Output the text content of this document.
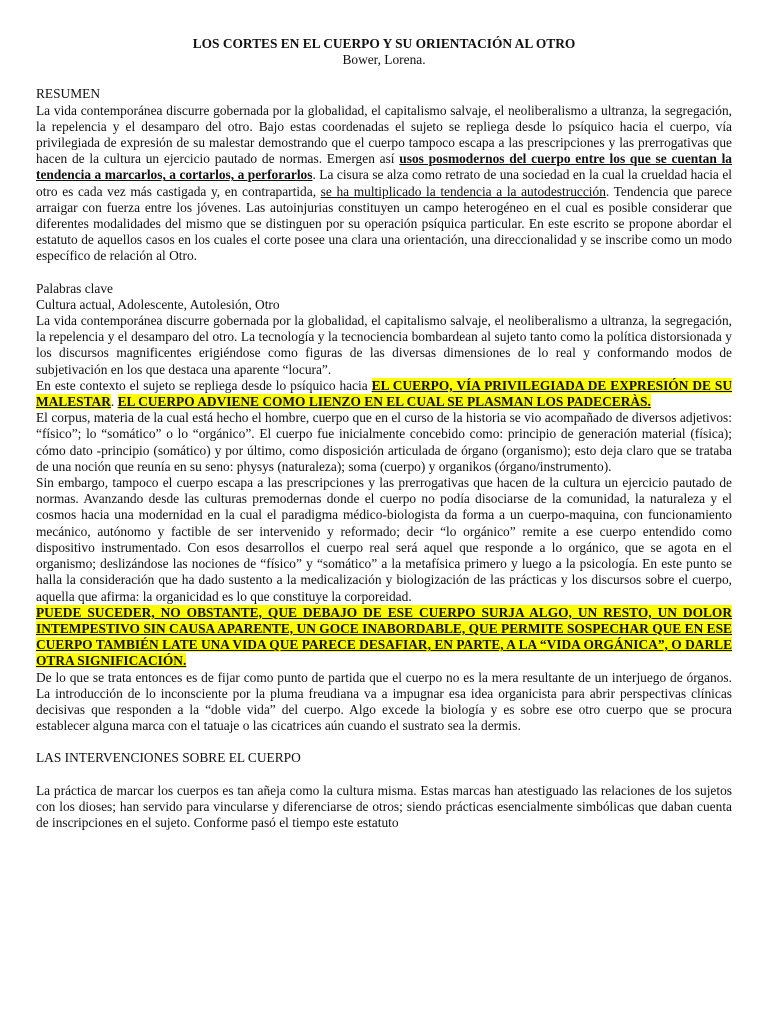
LOS CORTES EN EL CUERPO Y SU ORIENTACIÓN AL OTRO
Bower, Lorena.
RESUMEN

La vida contemporánea discurre gobernada por la globalidad, el capitalismo salvaje, el neoliberalismo a ultranza, la segregación, la repelencia y el desamparo del otro. Bajo estas coordenadas el sujeto se repliega desde lo psíquico hacia el cuerpo, vía privilegiada de expresión de su malestar demostrando que el cuerpo tampoco escapa a las prescripciones y las prerrogativas que hacen de la cultura un ejercicio pautado de normas. Emergen así usos posmodernos del cuerpo entre los que se cuentan la tendencia a marcarlos, a cortarlos, a perforarlos. La cisura se alza como retrato de una sociedad en la cual la crueldad hacia el otro es cada vez más castigada y, en contrapartida, se ha multiplicado la tendencia a la autodestrucción. Tendencia que parece arraigar con fuerza entre los jóvenes. Las autoinjurias constituyen un campo heterogéneo en el cual es posible considerar que diferentes modalidades del mismo que se distinguen por su operación psíquica particular. En este escrito se propone abordar el estatuto de aquellos casos en los cuales el corte posee una clara una orientación, una direccionalidad y se inscribe como un modo específico de relación al Otro.

Palabras clave
Cultura actual, Adolescente, Autolesión, Otro

La vida contemporánea discurre gobernada por la globalidad, el capitalismo salvaje, el neoliberalismo a ultranza, la segregación, la repelencia y el desamparo del otro. La tecnología y la tecnociencia bombardean al sujeto tanto como la política distorsionada y los discursos magnificentes erigiéndose como figuras de las diversas dimensiones de lo real y conformando modos de subjetivación en los que destaca una aparente “locura”.

En este contexto el sujeto se repliega desde lo psíquico hacia EL CUERPO, VÍA PRIVILEGIADA DE EXPRESIÓN DE SU MALESTAR. EL CUERPO ADVIENE COMO LIENZO EN EL CUAL SE PLASMAN LOS PADECERÀS.

El corpus, materia de la cual está hecho el hombre, cuerpo que en el curso de la historia se vio acompañado de diversos adjetivos: “físico”; lo “somático” o lo “orgánico”. El cuerpo fue inicialmente concebido como: principio de generación material (física); cómo dato -principio (somático) y por último, como disposición articulada de órgano (organismo); esto deja claro que se trataba de una noción que reunía en su seno: physys (naturaleza); soma (cuerpo) y organikos (órgano/instrumento).

Sin embargo, tampoco el cuerpo escapa a las prescripciones y las prerrogativas que hacen de la cultura un ejercicio pautado de normas. Avanzando desde las culturas premodernas donde el cuerpo no podía disociarse de la comunidad, la naturaleza y el cosmos hacia una modernidad en la cual el paradigma médico-biologista da forma a un cuerpo-maquina, con funcionamiento mecánico, autónomo y factible de ser intervenido y reformado; decir “lo orgánico” remite a ese cuerpo entendido como dispositivo instrumentado. Con esos desarrollos el cuerpo real será aquel que responde a lo orgánico, que se agota en el organismo; deslizándose las nociones de “físico” y “somático” a la metafísica primero y luego a la psicología. En este punto se halla la consideración que ha dado sustento a la medicalización y biologización de las prácticas y los discursos sobre el cuerpo, aquella que afirma: la organicidad es lo que constituye la corporeidad.

PUEDE SUCEDER, NO OBSTANTE, QUE DEBAJO DE ESE CUERPO SURJA ALGO, UN RESTO, UN DOLOR INTEMPESTIVO SIN CAUSA APARENTE, UN GOCE INABORDABLE, QUE PERMITE SOSPECHAR QUE EN ESE CUERPO TAMBIÉN LATE UNA VIDA QUE PARECE DESAFIAR, EN PARTE, A LA “VIDA ORGÁNICA”, O DARLE OTRA SIGNIFICACIÓN.

De lo que se trata entonces es de fijar como punto de partida que el cuerpo no es la mera resultante de un interjuego de órganos. La introducción de lo inconsciente por la pluma freudiana va a impugnar esa idea organicista para abrir perspectivas clínicas decisivas que responden a la “doble vida” del cuerpo. Algo excede la biología y es sobre ese otro cuerpo que se procura establecer alguna marca con el tatuaje o las cicatrices aún cuando el sustrato sea la dermis.

LAS INTERVENCIONES SOBRE EL CUERPO

La práctica de marcar los cuerpos es tan añeja como la cultura misma. Estas marcas han atestiguado las relaciones de los sujetos con los dioses; han servido para vincularse y diferenciarse de otros; siendo prácticas esencialmente simbólicas que daban cuenta de inscripciones en el sujeto. Conforme pasó el tiempo este estatuto
